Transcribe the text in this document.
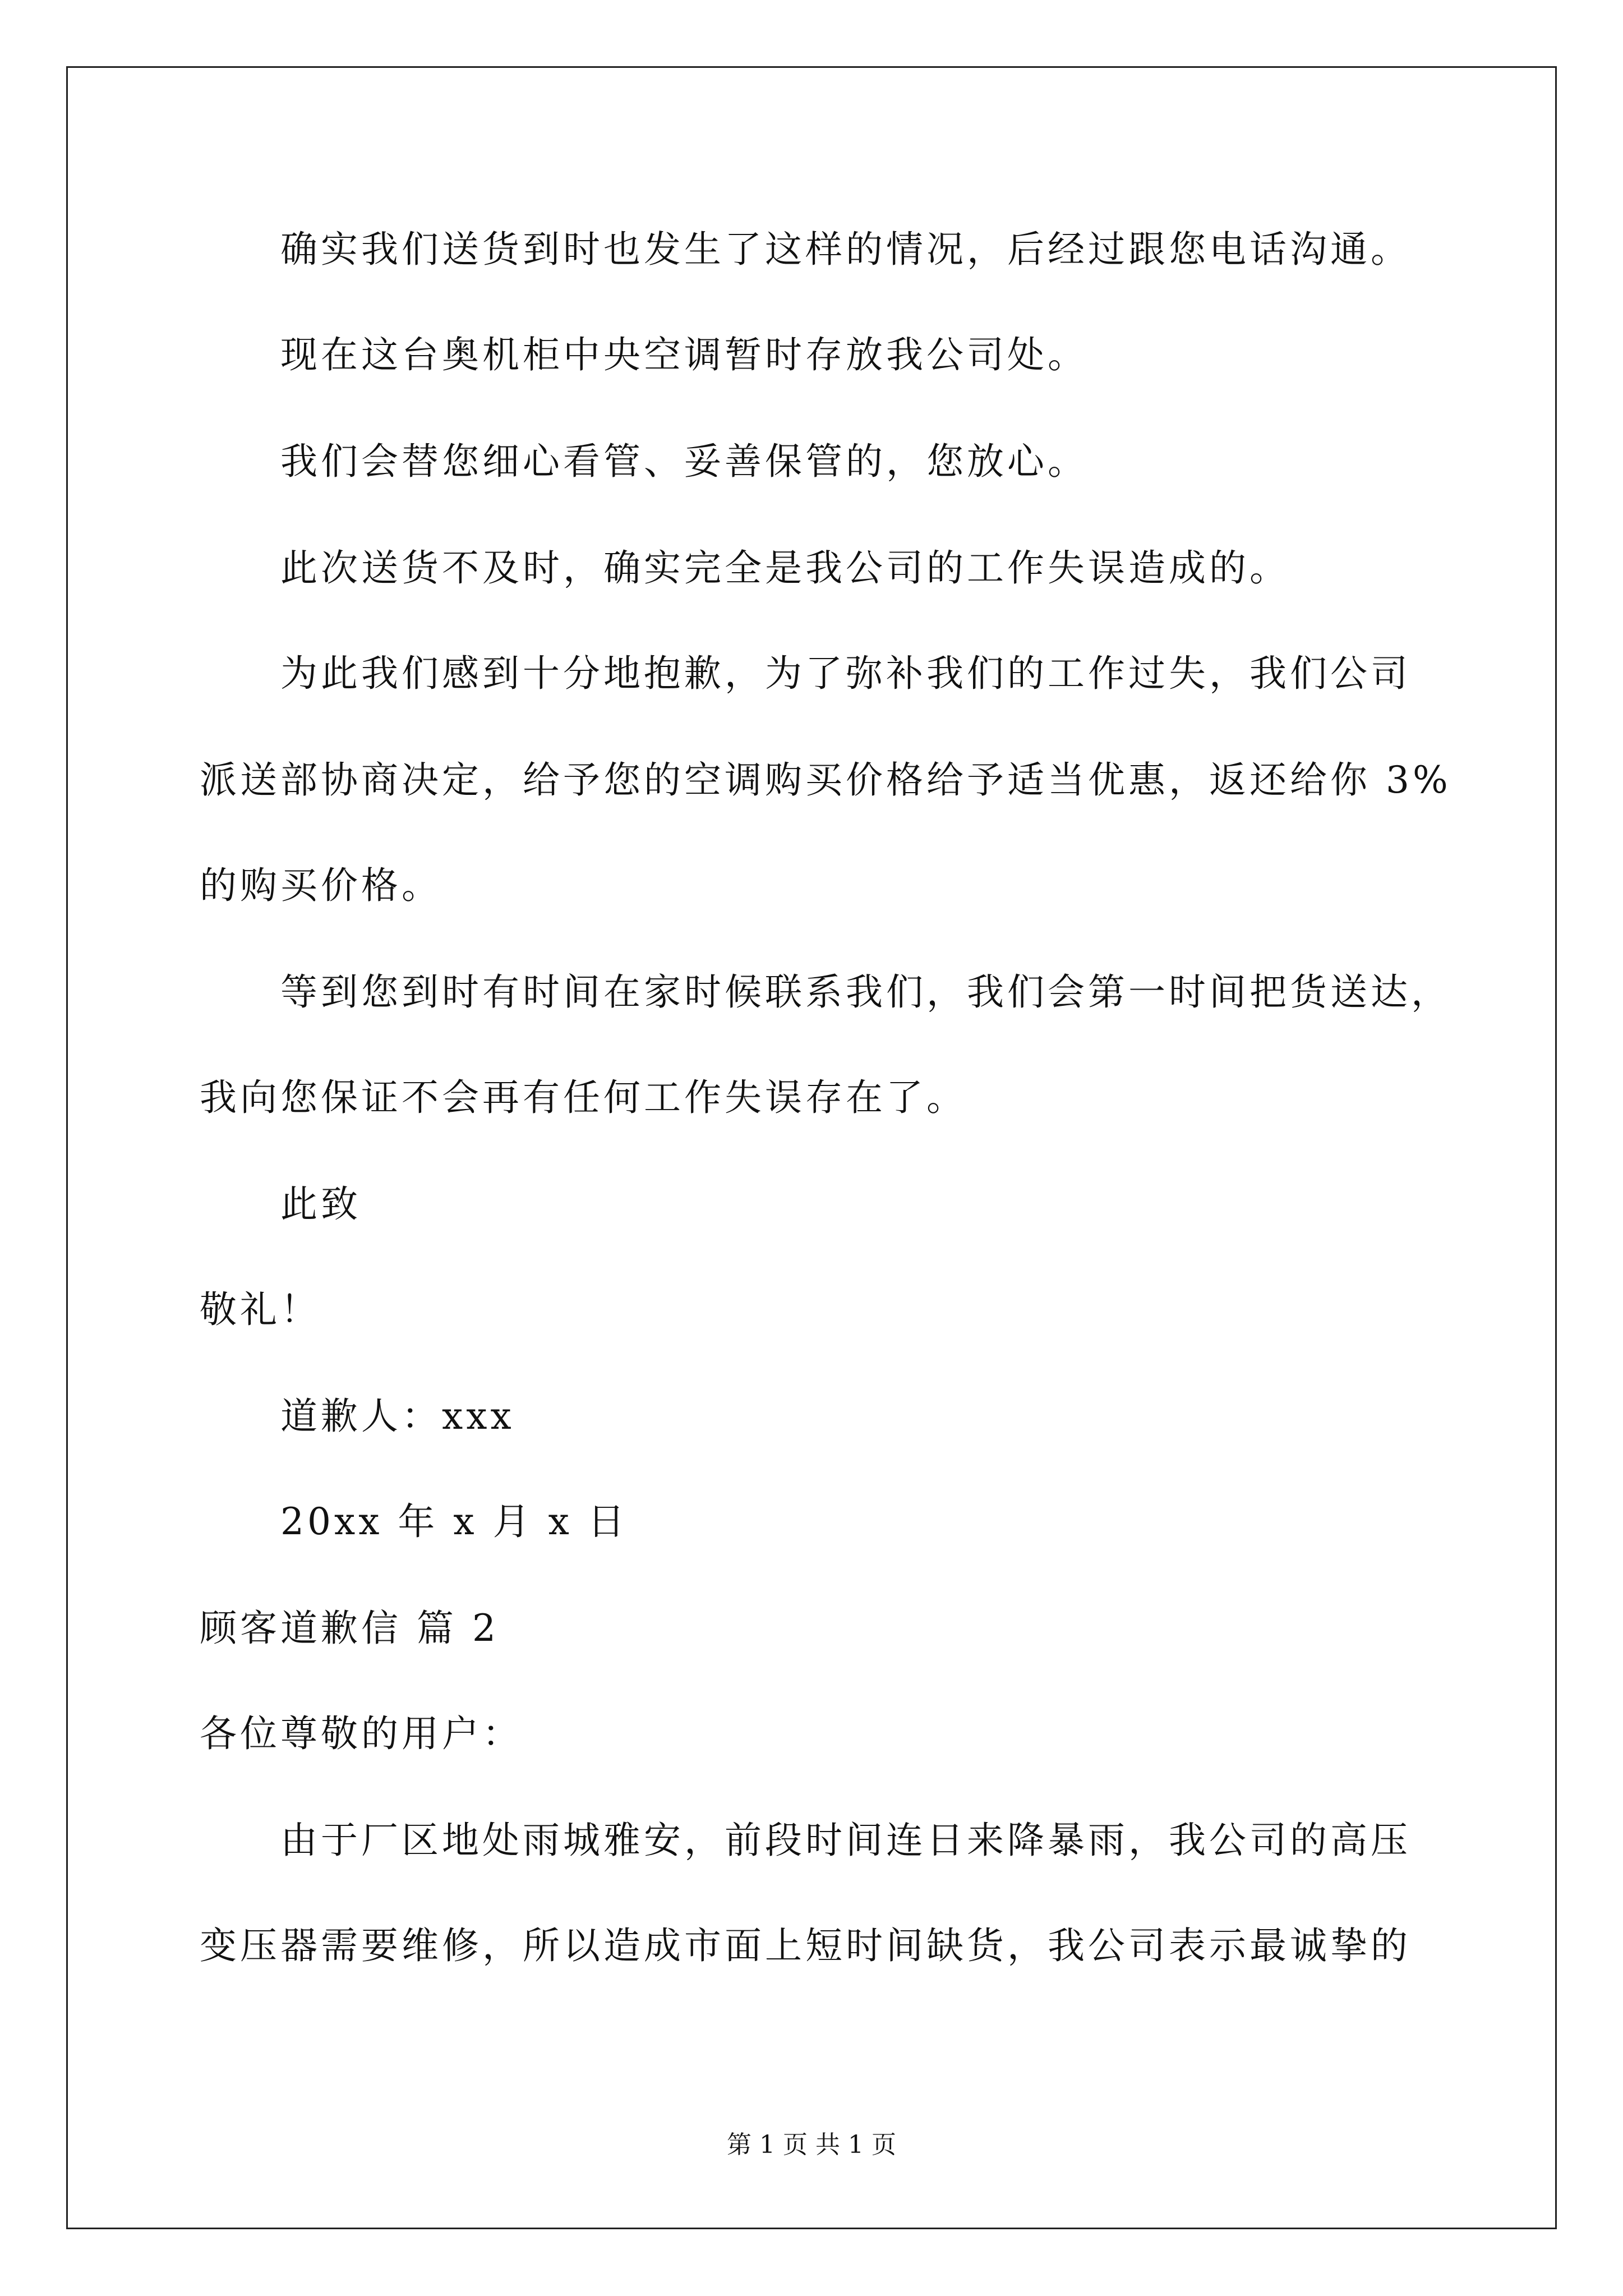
确实我们送货到时也发生了这样的情况，后经过跟您电话沟通。
现在这台奥机柜中央空调暂时存放我公司处。
我们会替您细心看管、妥善保管的，您放心。
此次送货不及时，确实完全是我公司的工作失误造成的。
为此我们感到十分地抱歉，为了弥补我们的工作过失，我们公司
派送部协商决定，给予您的空调购买价格给予适当优惠，返还给你 3%
的购买价格。
等到您到时有时间在家时候联系我们，我们会第一时间把货送达，
我向您保证不会再有任何工作失误存在了。
此致
敬礼！
道歉人：xxx
20xx 年 x 月 x 日
顾客道歉信 篇 2
各位尊敬的用户：
由于厂区地处雨城雅安，前段时间连日来降暴雨，我公司的高压
变压器需要维修，所以造成市面上短时间缺货，我公司表示最诚挚的
第 1 页 共 1 页
